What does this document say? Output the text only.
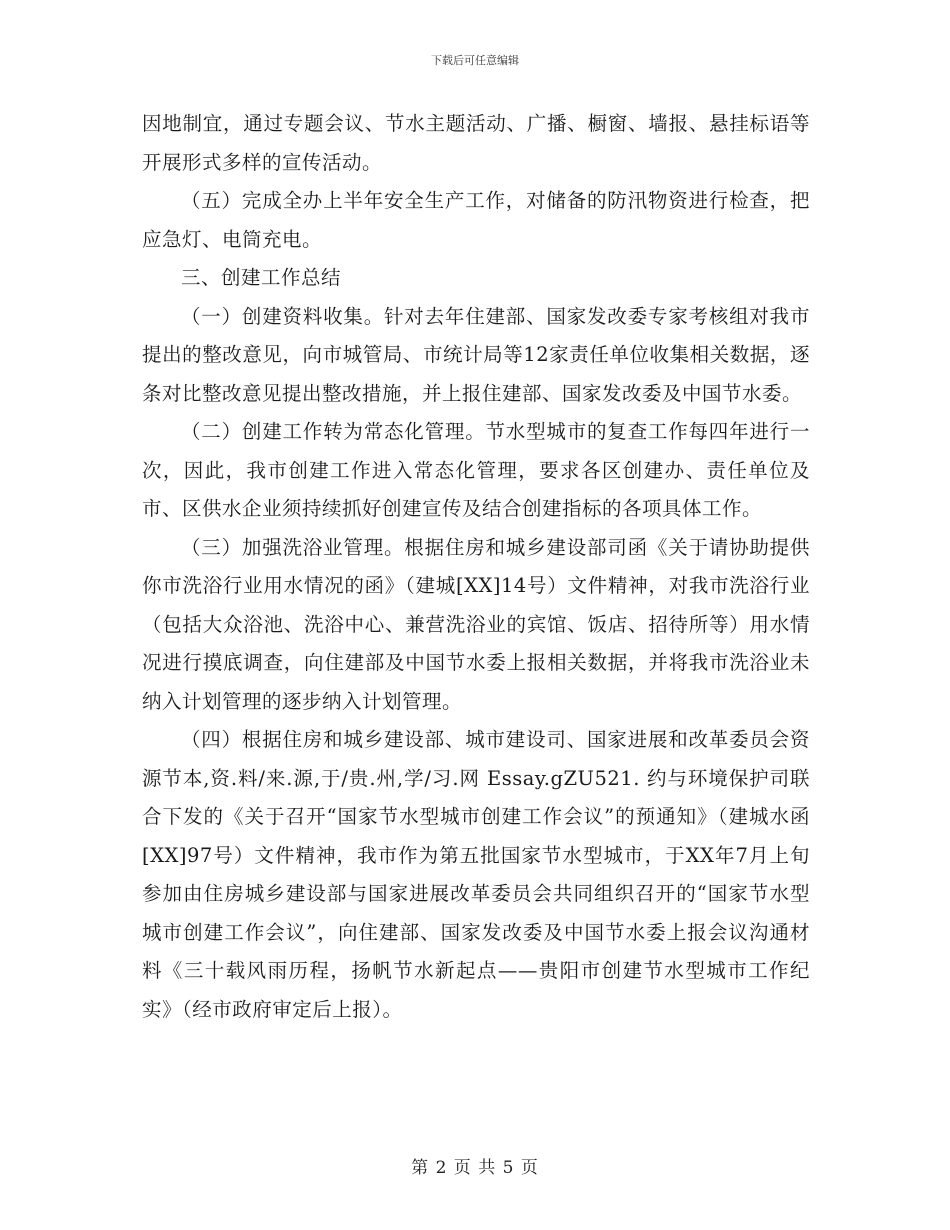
下载后可任意编辑

因地制宜，通过专题会议、节水主题活动、广播、橱窗、墙报、悬挂标语等开展形式多样的宣传活动。

（五）完成全办上半年安全生产工作，对储备的防汛物资进行检查，把应急灯、电筒充电。

三、创建工作总结

（一）创建资料收集。针对去年住建部、国家发改委专家考核组对我市提出的整改意见，向市城管局、市统计局等12家责任单位收集相关数据，逐条对比整改意见提出整改措施，并上报住建部、国家发改委及中国节水委。

（二）创建工作转为常态化管理。节水型城市的复查工作每四年进行一次，因此，我市创建工作进入常态化管理，要求各区创建办、责任单位及市、区供水企业须持续抓好创建宣传及结合创建指标的各项具体工作。

（三）加强洗浴业管理。根据住房和城乡建设部司函《关于请协助提供你市洗浴行业用水情况的函》（建城[XX]14号）文件精神，对我市洗浴行业（包括大众浴池、洗浴中心、兼营洗浴业的宾馆、饭店、招待所等）用水情况进行摸底调查，向住建部及中国节水委上报相关数据，并将我市洗浴业未纳入计划管理的逐步纳入计划管理。

（四）根据住房和城乡建设部、城市建设司、国家进展和改革委员会资源节本,资.料/来.源,于/贵.州,学/习.网 Essay.gZU521. 约与环境保护司联合下发的《关于召开“国家节水型城市创建工作会议”的预通知》（建城水函[XX]97号）文件精神，我市作为第五批国家节水型城市，于XX年7月上旬参加由住房城乡建设部与国家进展改革委员会共同组织召开的“国家节水型城市创建工作会议”，向住建部、国家发改委及中国节水委上报会议沟通材料《三十载风雨历程，扬帆节水新起点——贵阳市创建节水型城市工作纪实》（经市政府审定后上报）。

第 2 页 共 5 页
